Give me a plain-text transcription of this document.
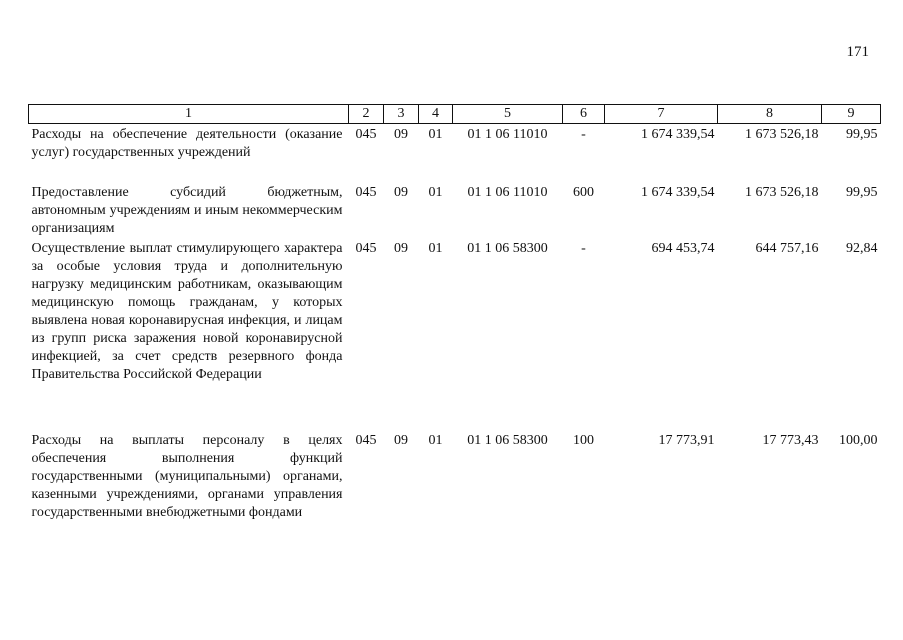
171
1	2	3	4	5	6	7	8	9
Расходы на обеспечение деятельности (оказание услуг) государственных учреждений	045	09	01	01 1 06 11010	-	1 674 339,54	1 673 526,18	99,95
Предоставление субсидий бюджетным, автономным учреждениям и иным некоммерческим организациям	045	09	01	01 1 06 11010	600	1 674 339,54	1 673 526,18	99,95
Осуществление выплат стимулирующего характера за особые условия труда и дополнительную нагрузку медицинским работникам, оказывающим медицинскую помощь гражданам, у которых выявлена новая коронавирусная инфекция, и лицам из групп риска заражения новой коронавирусной инфекцией, за счет средств резервного фонда Правительства Российской Федерации	045	09	01	01 1 06 58300	-	694 453,74	644 757,16	92,84
Расходы на выплаты персоналу в целях обеспечения выполнения функций государственными (муниципальными) органами, казенными учреждениями, органами управления государственными внебюджетными фондами	045	09	01	01 1 06 58300	100	17 773,91	17 773,43	100,00
